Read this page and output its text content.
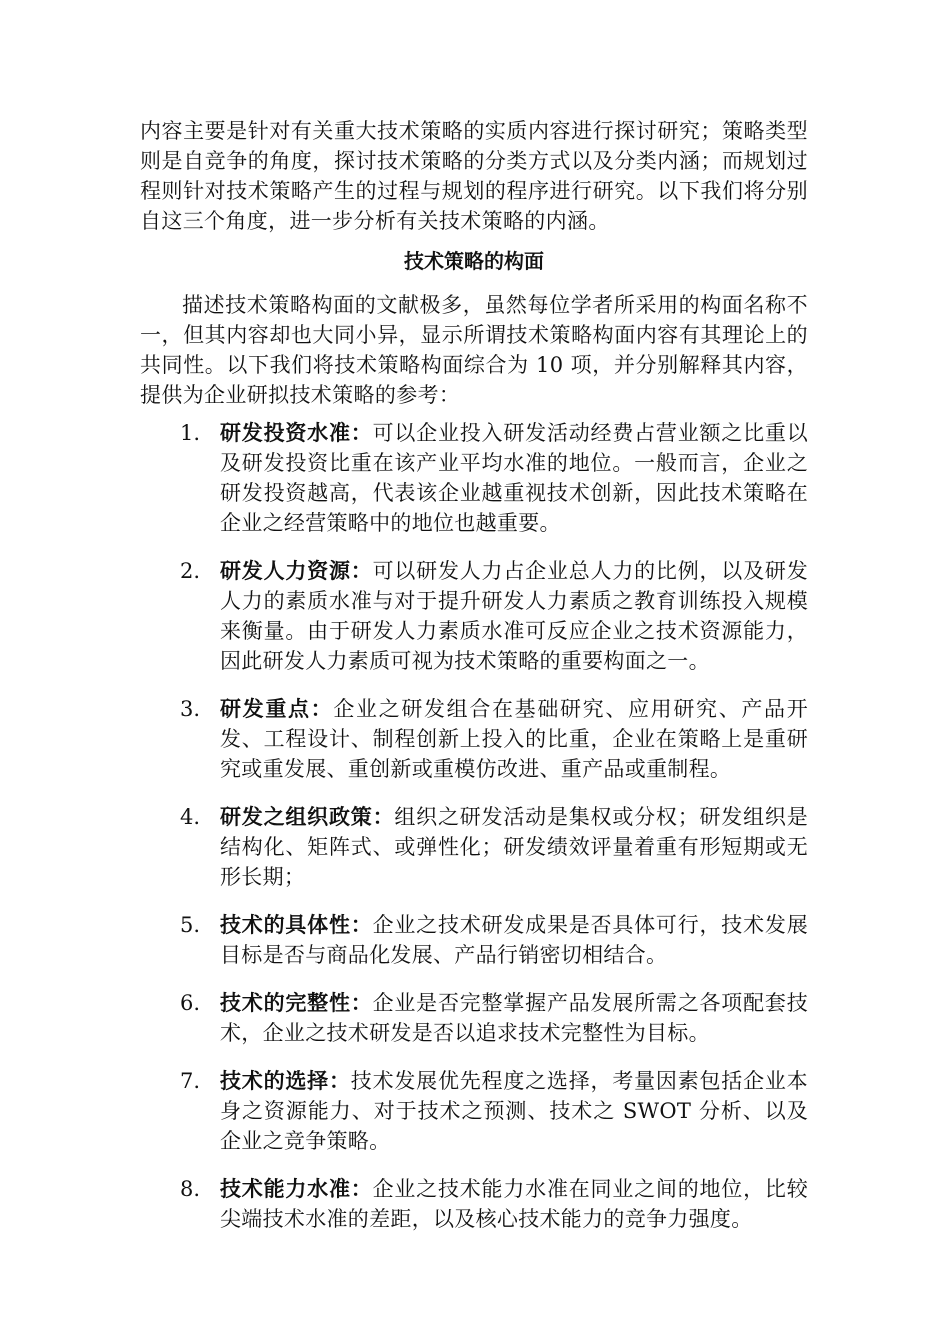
内容主要是针对有关重大技术策略的实质内容进行探讨研究；策略类型则是自竞争的角度，探讨技术策略的分类方式以及分类内涵；而规划过程则针对技术策略产生的过程与规划的程序进行研究。以下我们将分别自这三个角度，进一步分析有关技术策略的内涵。

技术策略的构面

描述技术策略构面的文献极多，虽然每位学者所采用的构面名称不一，但其内容却也大同小异，显示所谓技术策略构面内容有其理论上的共同性。以下我们将技术策略构面综合为 10 项，并分别解释其内容，提供为企业研拟技术策略的参考：

1. 研发投资水准：可以企业投入研发活动经费占营业额之比重以及研发投资比重在该产业平均水准的地位。一般而言，企业之研发投资越高，代表该企业越重视技术创新，因此技术策略在企业之经营策略中的地位也越重要。
2. 研发人力资源：可以研发人力占企业总人力的比例，以及研发人力的素质水准与对于提升研发人力素质之教育训练投入规模来衡量。由于研发人力素质水准可反应企业之技术资源能力，因此研发人力素质可视为技术策略的重要构面之一。
3. 研发重点：企业之研发组合在基础研究、应用研究、产品开发、工程设计、制程创新上投入的比重，企业在策略上是重研究或重发展、重创新或重模仿改进、重产品或重制程。
4. 研发之组织政策：组织之研发活动是集权或分权；研发组织是结构化、矩阵式、或弹性化；研发绩效评量着重有形短期或无形长期；
5. 技术的具体性：企业之技术研发成果是否具体可行，技术发展目标是否与商品化发展、产品行销密切相结合。
6. 技术的完整性：企业是否完整掌握产品发展所需之各项配套技术，企业之技术研发是否以追求技术完整性为目标。
7. 技术的选择：技术发展优先程度之选择，考量因素包括企业本身之资源能力、对于技术之预测、技术之 SWOT 分析、以及企业之竞争策略。
8. 技术能力水准：企业之技术能力水准在同业之间的地位，比较尖端技术水准的差距，以及核心技术能力的竞争力强度。
